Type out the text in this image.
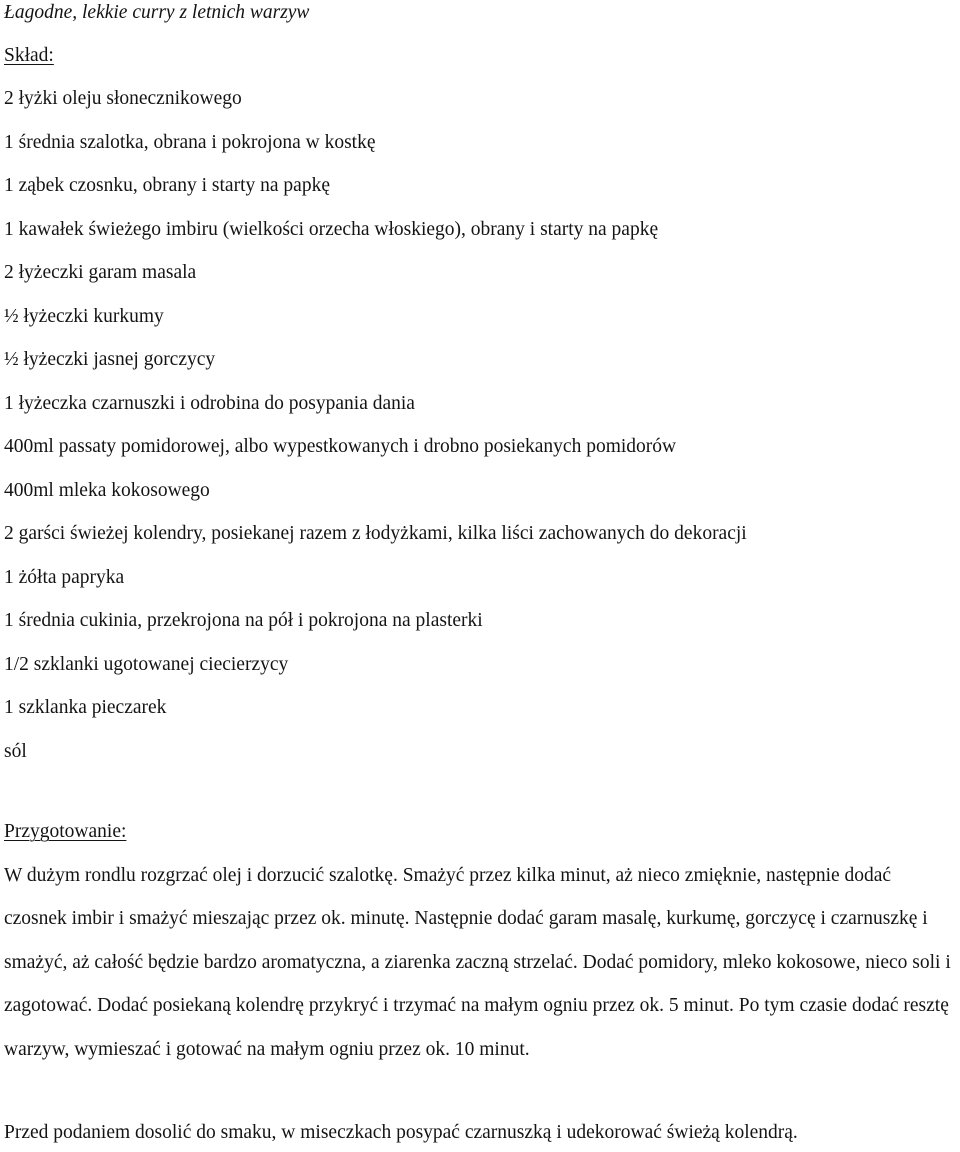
Łagodne, lekkie curry z letnich warzyw
Skład:
2 łyżki oleju słonecznikowego
1 średnia szalotka, obrana i pokrojona w kostkę
1 ząbek czosnku, obrany i starty na papkę
1 kawałek świeżego imbiru (wielkości orzecha włoskiego), obrany i starty na papkę
2 łyżeczki garam masala
½ łyżeczki kurkumy
½ łyżeczki jasnej gorczycy
1 łyżeczka czarnuszki i odrobina do posypania dania
400ml passaty pomidorowej, albo wypestkowanych i drobno posiekanych pomidorów
400ml mleka kokosowego
2 garści świeżej kolendry, posiekanej razem z łodyżkami, kilka liści zachowanych do dekoracji
1 żółta papryka
1 średnia cukinia, przekrojona na pół i pokrojona na plasterki
1/2 szklanki ugotowanej ciecierzycy
1 szklanka pieczarek
sól
Przygotowanie:

W dużym rondlu rozgrzać olej i dorzucić szalotkę. Smażyć przez kilka minut, aż nieco zmięknie, następnie dodać czosnek imbir i smażyć mieszając przez ok. minutę. Następnie dodać garam masalę, kurkumę, gorczycę i czarnuszkę i smażyć, aż całość będzie bardzo aromatyczna, a ziarenka zaczną strzelać. Dodać pomidory, mleko kokosowe, nieco soli i zagotować. Dodać posiekaną kolendrę przykryć i trzymać na małym ogniu przez ok. 5 minut. Po tym czasie dodać resztę warzyw, wymieszać i gotować na małym ogniu przez ok. 10 minut.

Przed podaniem dosolić do smaku, w miseczkach posypać czarnuszką i udekorować świeżą kolendrą.
